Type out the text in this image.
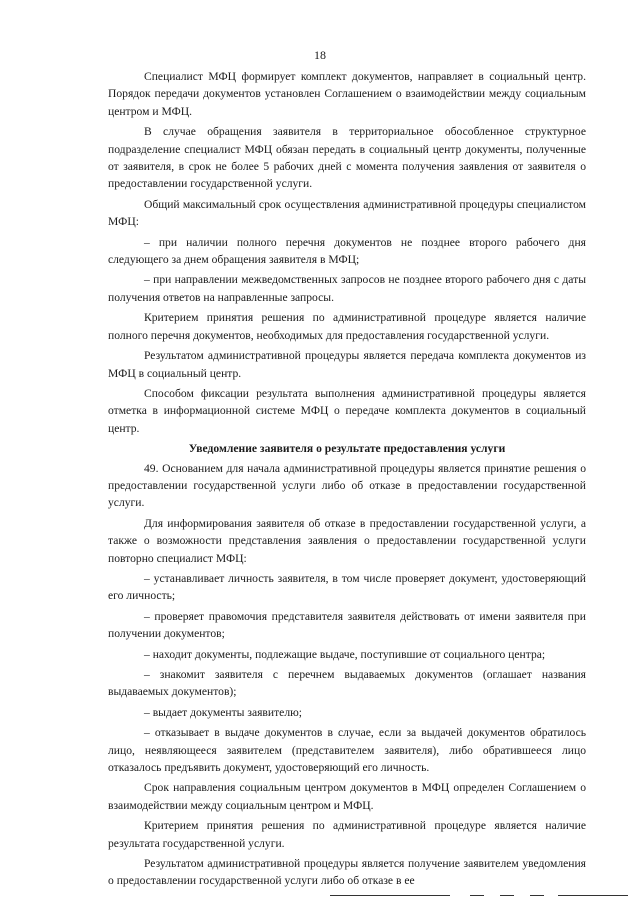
18

Специалист МФЦ формирует комплект документов, направляет в социальный центр. Порядок передачи документов установлен Соглашением о взаимодействии между социальным центром и МФЦ.

В случае обращения заявителя в территориальное обособленное структурное подразделение специалист МФЦ обязан передать в социальный центр документы, полученные от заявителя, в срок не более 5 рабочих дней с момента получения заявления от заявителя о предоставлении государственной услуги.

Общий максимальный срок осуществления административной процедуры специалистом МФЦ:

– при наличии полного перечня документов не позднее второго рабочего дня следующего за днем обращения заявителя в МФЦ;

– при направлении межведомственных запросов не позднее второго рабочего дня с даты получения ответов на направленные запросы.

Критерием принятия решения по административной процедуре является наличие полного перечня документов, необходимых для предоставления государственной услуги.

Результатом административной процедуры является передача комплекта документов из МФЦ в социальный центр.

Способом фиксации результата выполнения административной процедуры является отметка в информационной системе МФЦ о передаче комплекта документов в социальный центр.

Уведомление заявителя о результате предоставления услуги

49. Основанием для начала административной процедуры является принятие решения о предоставлении государственной услуги либо об отказе в предоставлении государственной услуги.

Для информирования заявителя об отказе в предоставлении государственной услуги, а также о возможности представления заявления о предоставлении государственной услуги повторно специалист МФЦ:

– устанавливает личность заявителя, в том числе проверяет документ, удостоверяющий его личность;

– проверяет правомочия представителя заявителя действовать от имени заявителя при получении документов;

– находит документы, подлежащие выдаче, поступившие от социального центра;

– знакомит заявителя с перечнем выдаваемых документов (оглашает названия выдаваемых документов);

– выдает документы заявителю;

– отказывает в выдаче документов в случае, если за выдачей документов обратилось лицо, неявляющееся заявителем (представителем заявителя), либо обратившееся лицо отказалось предъявить документ, удостоверяющий его личность.

Срок направления социальным центром документов в МФЦ определен Соглашением о взаимодействии между социальным центром и МФЦ.

Критерием принятия решения по административной процедуре является наличие результата государственной услуги.

Результатом административной процедуры является получение заявителем уведомления о предоставлении государственной услуги либо об отказе в ее
